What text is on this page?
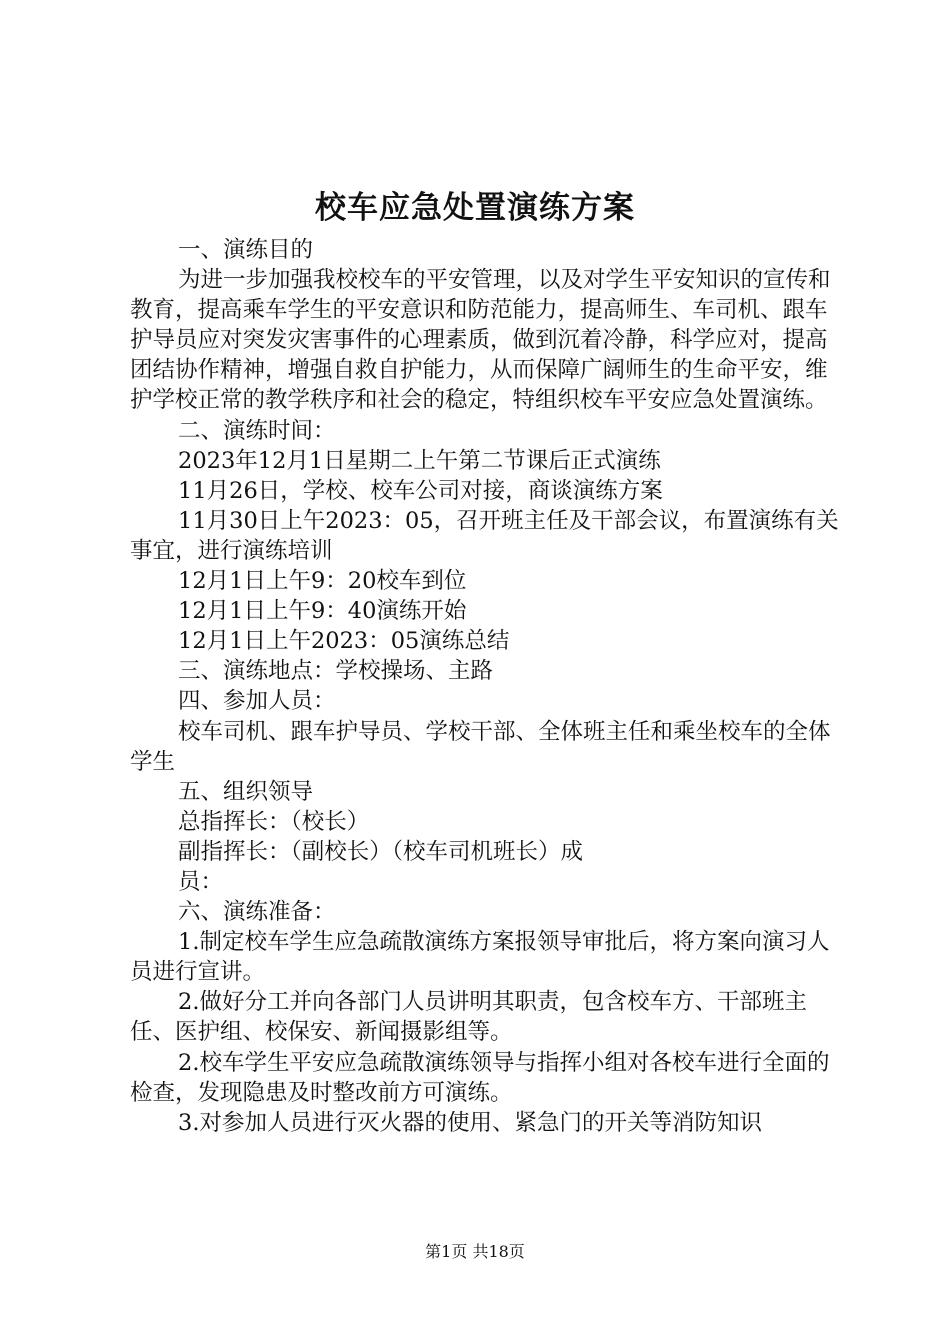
校车应急处置演练方案

一、演练目的

为进一步加强我校校车的平安管理，以及对学生平安知识的宣传和教育，提高乘车学生的平安意识和防范能力，提高师生、车司机、跟车护导员应对突发灾害事件的心理素质，做到沉着冷静，科学应对，提高团结协作精神，增强自救自护能力，从而保障广阔师生的生命平安，维护学校正常的教学秩序和社会的稳定，特组织校车平安应急处置演练。

二、演练时间：

2023年12月1日星期二上午第二节课后正式演练

11月26日，学校、校车公司对接，商谈演练方案

11月30日上午2023：05，召开班主任及干部会议，布置演练有关事宜，进行演练培训

12月1日上午9：20校车到位

12月1日上午9：40演练开始

12月1日上午2023：05演练总结

三、演练地点：学校操场、主路

四、参加人员：

校车司机、跟车护导员、学校干部、全体班主任和乘坐校车的全体学生

五、组织领导

总指挥长：（校长）

副指挥长：（副校长）（校车司机班长）成

员：

六、演练准备：

1.制定校车学生应急疏散演练方案报领导审批后，将方案向演习人员进行宣讲。

2.做好分工并向各部门人员讲明其职责，包含校车方、干部班主任、医护组、校保安、新闻摄影组等。

2.校车学生平安应急疏散演练领导与指挥小组对各校车进行全面的检查，发现隐患及时整改前方可演练。

3.对参加人员进行灭火器的使用、紧急门的开关等消防知识

第1页 共18页
